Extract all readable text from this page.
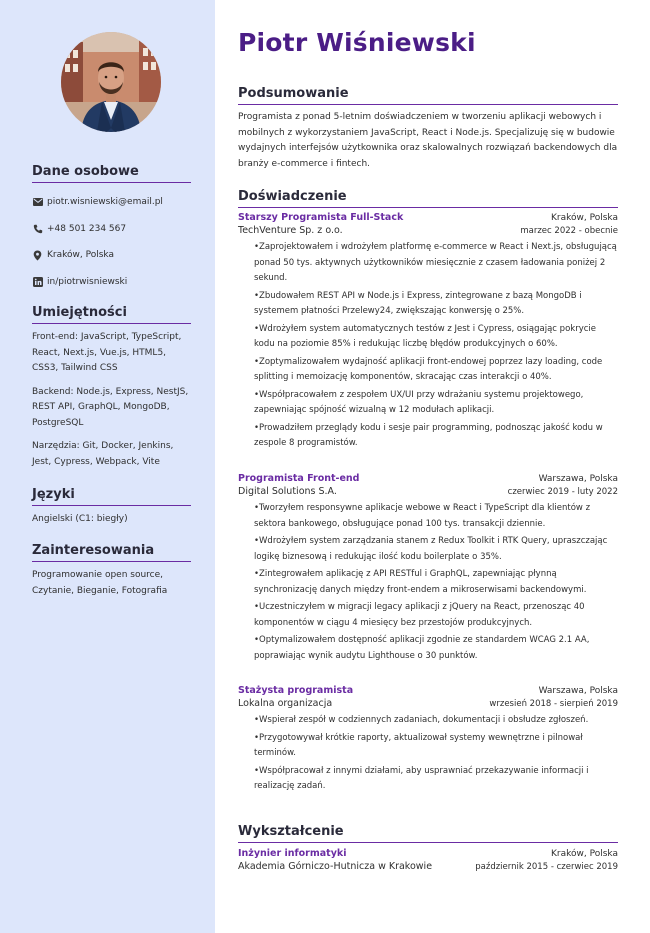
Dane osobowe
piotr.wisniewski@email.pl
+48 501 234 567
Kraków, Polska
in/piotrwisniewski
Umiejętności
Front-end: JavaScript, TypeScript, React, Next.js, Vue.js, HTML5, CSS3, Tailwind CSS
Backend: Node.js, Express, NestJS, REST API, GraphQL, MongoDB, PostgreSQL
Narzędzia: Git, Docker, Jenkins, Jest, Cypress, Webpack, Vite
Języki
Angielski (C1: biegły)
Zainteresowania
Programowanie open source, Czytanie, Bieganie, Fotografia
Piotr Wiśniewski
Podsumowanie
Programista z ponad 5-letnim doświadczeniem w tworzeniu aplikacji webowych i mobilnych z wykorzystaniem JavaScript, React i Node.js. Specjalizuję się w budowie wydajnych interfejsów użytkownika oraz skalowalnych rozwiązań backendowych dla branży e-commerce i fintech.
Doświadczenie
Starszy Programista Full-Stack	Kraków, Polska
TechVenture Sp. z o.o.	marzec 2022 - obecnie
• Zaprojektowałem i wdrożyłem platformę e-commerce w React i Next.js, obsługującą ponad 50 tys. aktywnych użytkowników miesięcznie z czasem ładowania poniżej 2 sekund.
• Zbudowałem REST API w Node.js i Express, zintegrowane z bazą MongoDB i systemem płatności Przelewy24, zwiększając konwersję o 25%.
• Wdrożyłem system automatycznych testów z Jest i Cypress, osiągając pokrycie kodu na poziomie 85% i redukując liczbę błędów produkcyjnych o 60%.
• Zoptymalizowałem wydajność aplikacji front-endowej poprzez lazy loading, code splitting i memoizację komponentów, skracając czas interakcji o 40%.
• Współpracowałem z zespołem UX/UI przy wdrażaniu systemu projektowego, zapewniając spójność wizualną w 12 modułach aplikacji.
• Prowadziłem przeglądy kodu i sesje pair programming, podnosząc jakość kodu w zespole 8 programistów.
Programista Front-end	Warszawa, Polska
Digital Solutions S.A.	czerwiec 2019 - luty 2022
• Tworzyłem responsywne aplikacje webowe w React i TypeScript dla klientów z sektora bankowego, obsługujące ponad 100 tys. transakcji dziennie.
• Wdrożyłem system zarządzania stanem z Redux Toolkit i RTK Query, upraszczając logikę biznesową i redukując ilość kodu boilerplate o 35%.
• Zintegrowałem aplikację z API RESTful i GraphQL, zapewniając płynną synchronizację danych między front-endem a mikroserwisami backendowymi.
• Uczestniczyłem w migracji legacy aplikacji z jQuery na React, przenosząc 40 komponentów w ciągu 4 miesięcy bez przestojów produkcyjnych.
• Optymalizowałem dostępność aplikacji zgodnie ze standardem WCAG 2.1 AA, poprawiając wynik audytu Lighthouse o 30 punktów.
Stażysta programista	Warszawa, Polska
Lokalna organizacja	wrzesień 2018 - sierpień 2019
• Wspierał zespół w codziennych zadaniach, dokumentacji i obsłudze zgłoszeń.
• Przygotowywał krótkie raporty, aktualizował systemy wewnętrzne i pilnował terminów.
• Współpracował z innymi działami, aby usprawniać przekazywanie informacji i realizację zadań.
Wykształcenie
Inżynier informatyki	Kraków, Polska
Akademia Górniczo-Hutnicza w Krakowie	październik 2015 - czerwiec 2019
